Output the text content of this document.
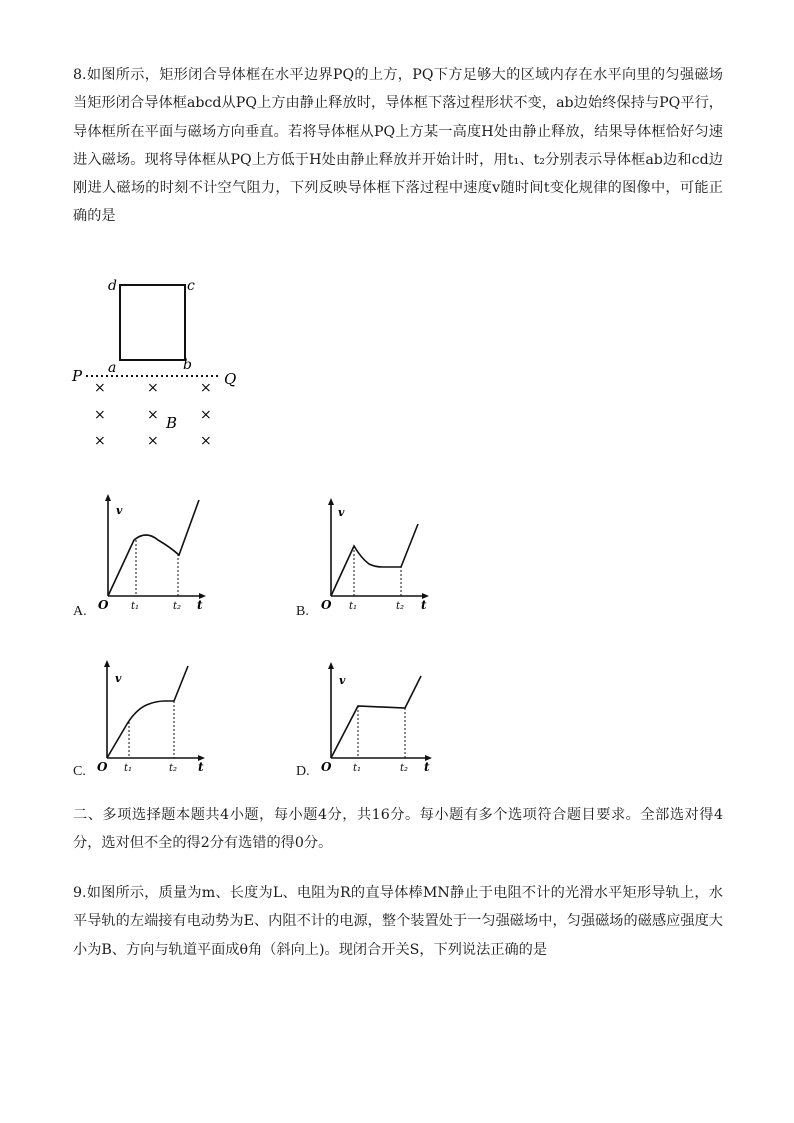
8.如图所示，矩形闭合导体框在水平边界PQ的上方，PQ下方足够大的区域内存在水平向里的匀强磁场当矩形闭合导体框abcd从PQ上方由静止释放时，导体框下落过程形状不变，ab边始终保持与PQ平行，导体框所在平面与磁场方向垂直。若将导体框从PQ上方某一高度H处由静止释放，结果导体框恰好匀速进入磁场。现将导体框从PQ上方低于H处由静止释放并开始计时，用t₁、t₂分别表示导体框ab边和cd边刚进人磁场的时刻不计空气阻力，下列反映导体框下落过程中速度v随时间t变化规律的图像中，可能正确的是

d	c
a	b
P	Q
×	×	×
×	×	×
×	×	×
B
v
t
O t₁	t₂
A.
v
t
O t₁	t₂
B.
v
t
O t₁	t₂
C.
v
t
O t₁	t₂
D.

二、多项选择题本题共4小题，每小题4分，共16分。每小题有多个选项符合题目要求。全部选对得4分，选对但不全的得2分有选错的得0分。

9.如图所示，质量为m、长度为L、电阻为R的直导体棒MN静止于电阻不计的光滑水平矩形导轨上，水平导轨的左端接有电动势为E、内阻不计的电源，整个装置处于一匀强磁场中，匀强磁场的磁感应强度大小为B、方向与轨道平面成θ角（斜向上)。现闭合开关S，下列说法正确的是
